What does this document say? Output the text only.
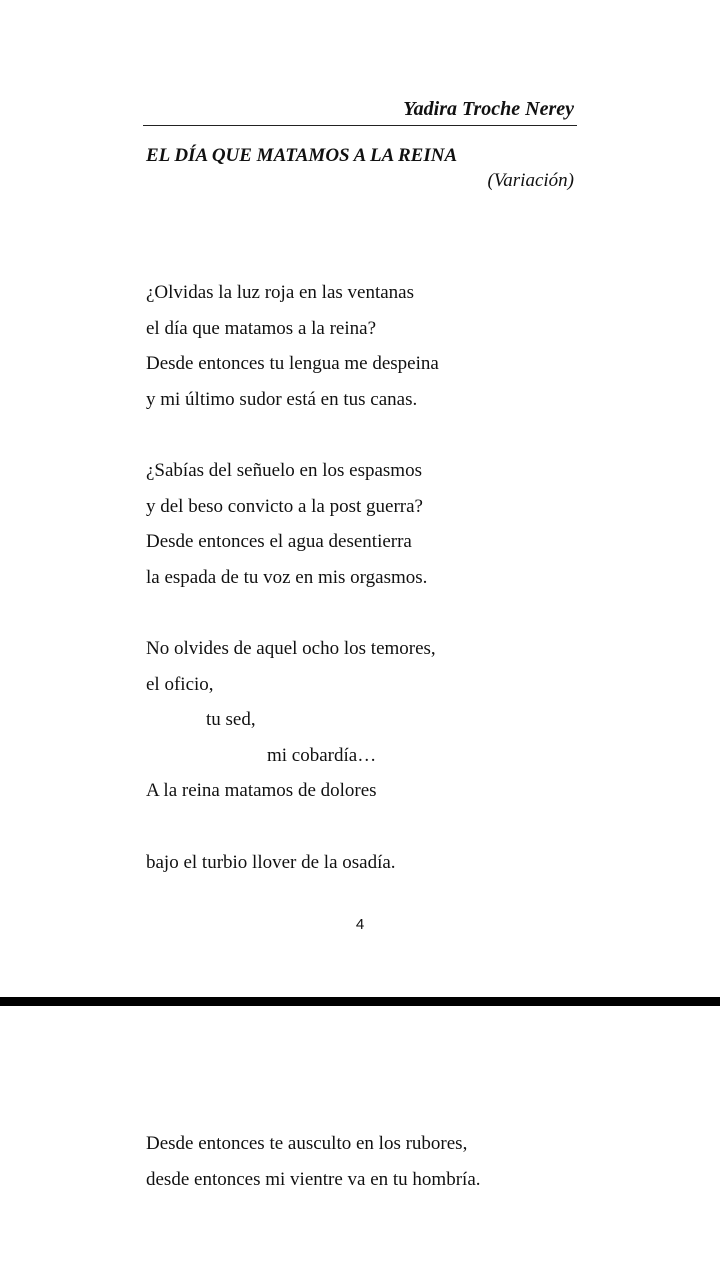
Yadira Troche Nerey
EL DÍA QUE MATAMOS A LA REINA
(Variación)
¿Olvidas la luz roja en las ventanas
el día que matamos a la reina?
Desde entonces tu lengua me despeina
y mi último sudor está en tus canas.
¿Sabías del señuelo en los espasmos
y del beso convicto a la post guerra?
Desde entonces el agua desentierra
la espada de tu voz en mis orgasmos.
No olvides de aquel ocho los temores,
el oficio,
tu sed,
mi cobardía…
A la reina matamos de dolores
bajo el turbio llover de la osadía.
4
Desde entonces te ausculto en los rubores,
desde entonces mi vientre va en tu hombría.
